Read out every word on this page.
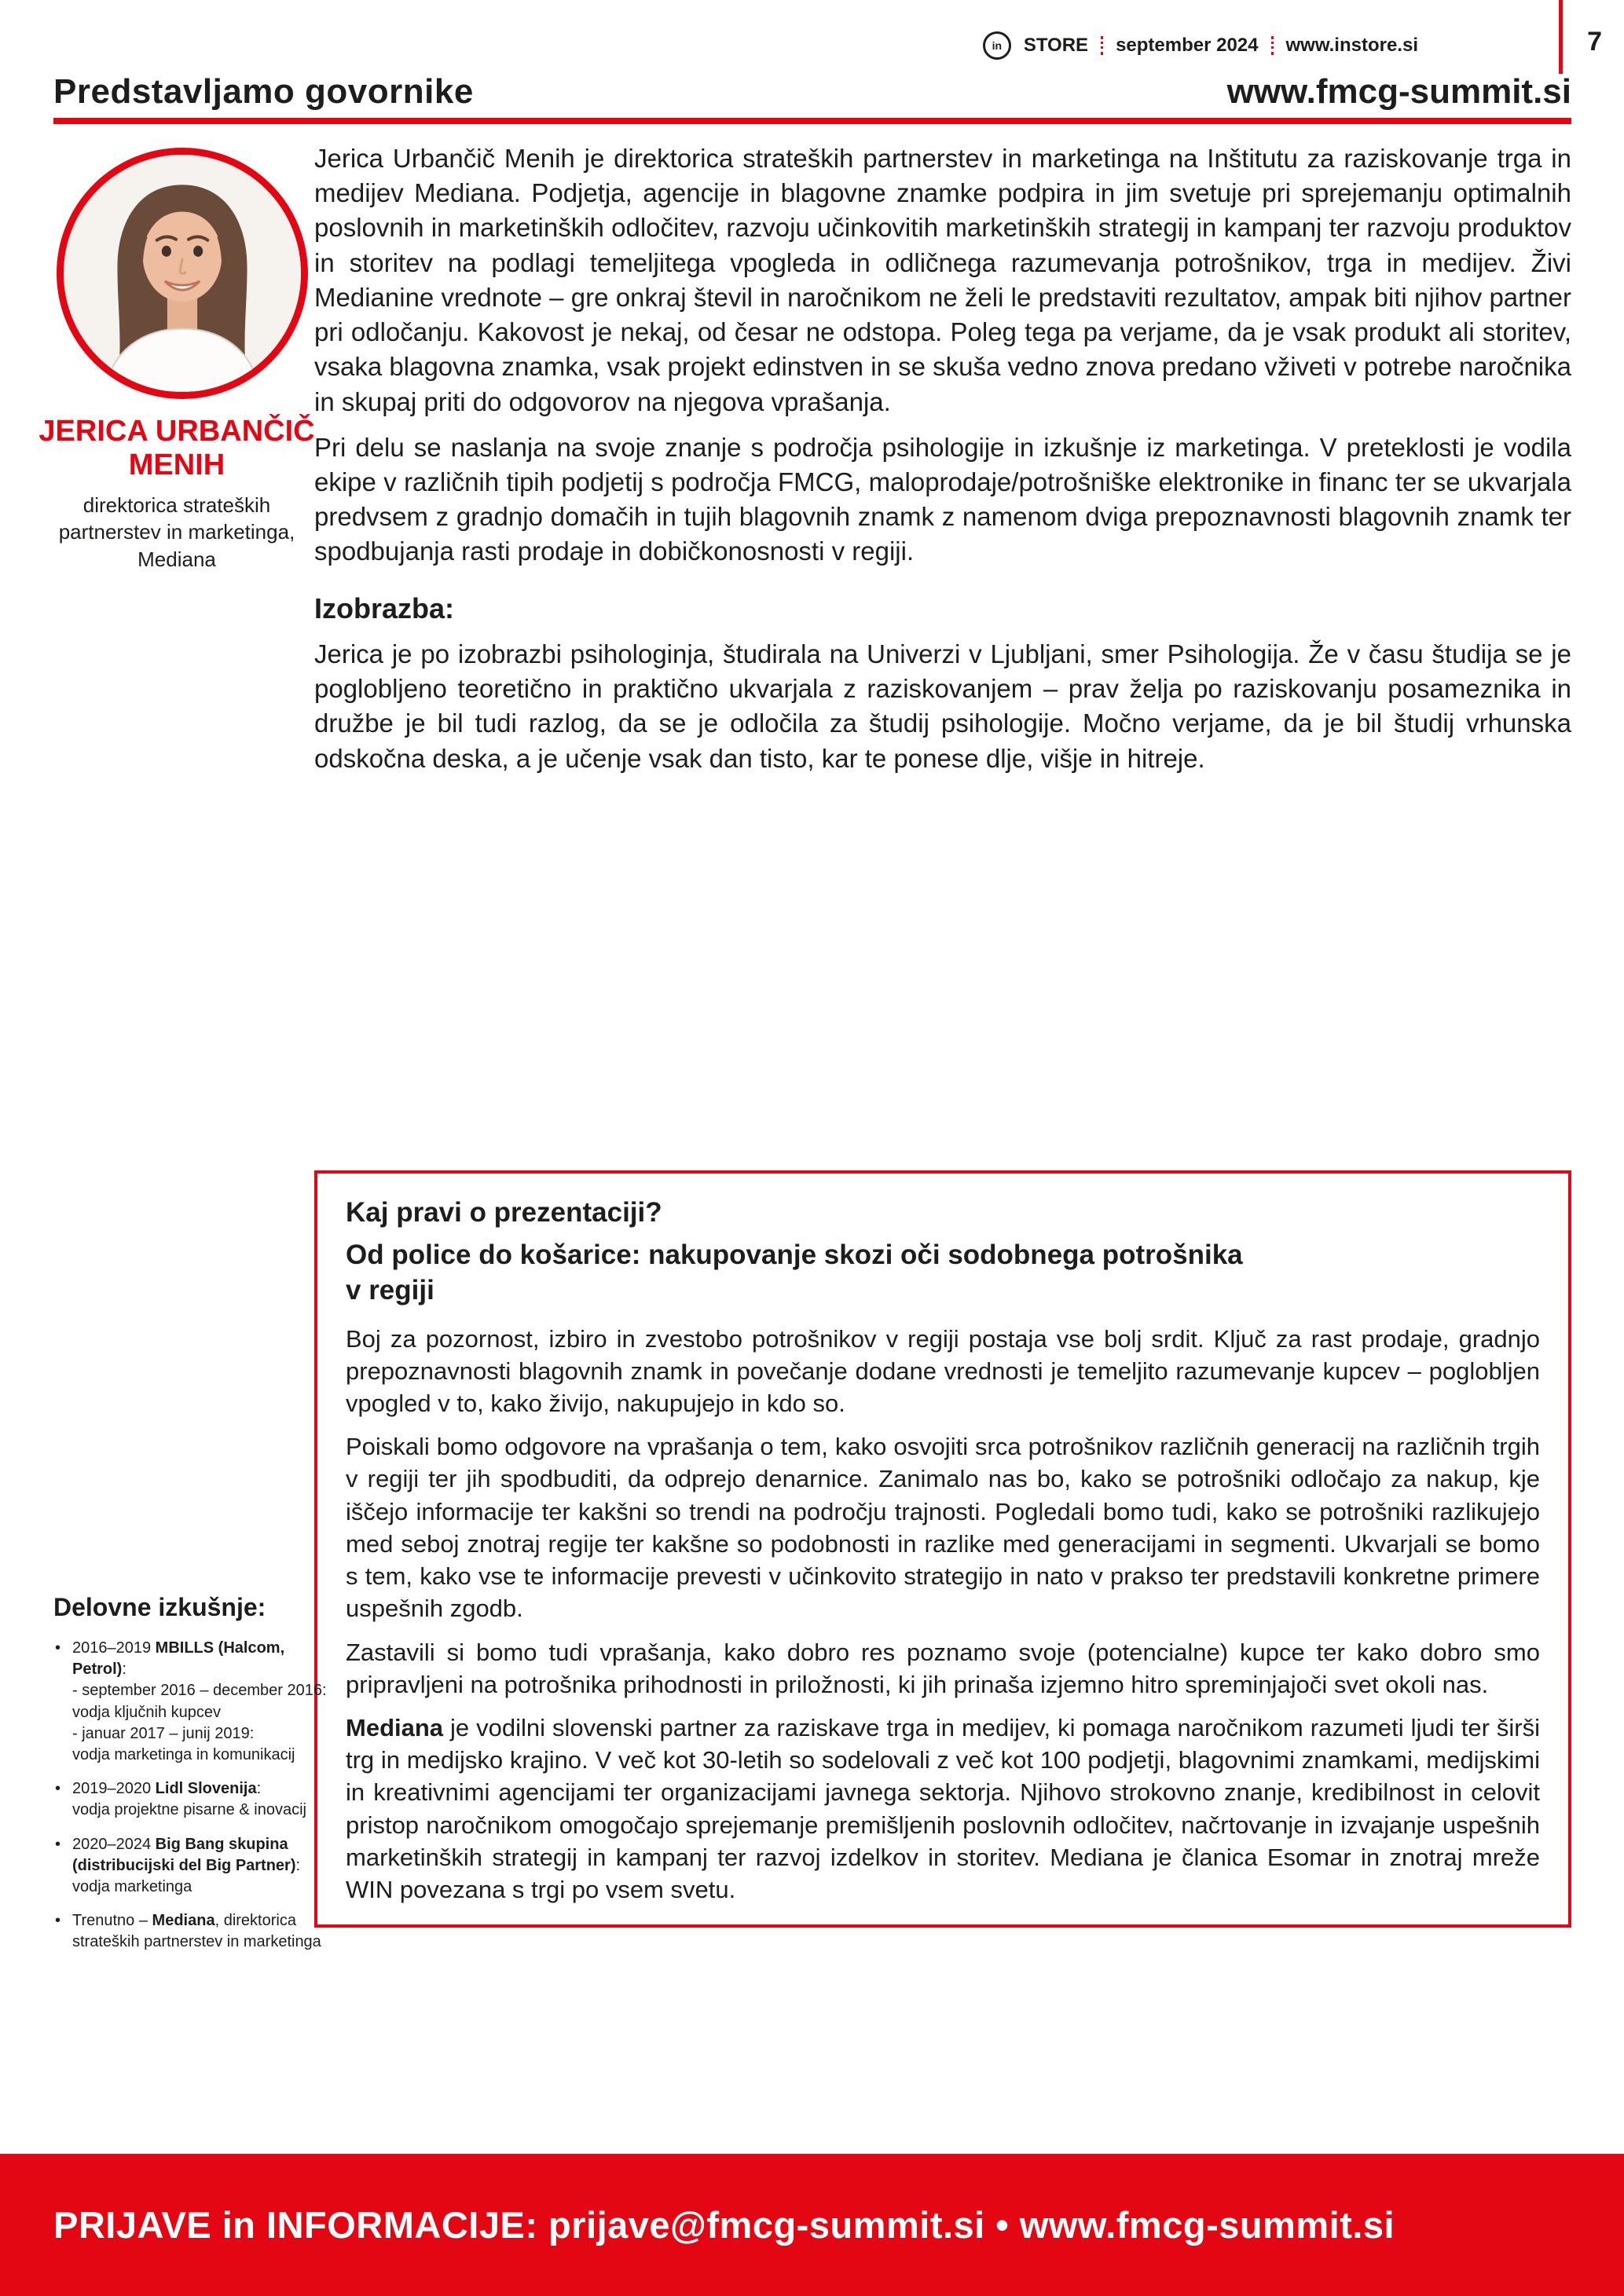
in STORE september 2024 www.instore.si	7
Predstavljamo govornike	www.fmcg-summit.si
JERICA URBANČIČ
MENIH
direktorica strateških
partnerstev in marketinga,
Mediana

Jerica Urbančič Menih je direktorica strateških partnerstev in marketinga na Inštitutu za raziskovanje trga in medijev Mediana. Podjetja, agencije in blagovne znamke podpira in jim svetuje pri sprejemanju optimalnih poslovnih in marketinških odločitev, razvoju učinkovitih marketinških strategij in kampanj ter razvoju produktov in storitev na podlagi temeljitega vpogleda in odličnega razumevanja potrošnikov, trga in medijev. Živi Medianine vrednote – gre onkraj števil in naročnikom ne želi le predstaviti rezultatov, ampak biti njihov partner pri odločanju. Kakovost je nekaj, od česar ne odstopa. Poleg tega pa verjame, da je vsak produkt ali storitev, vsaka blagovna znamka, vsak projekt edinstven in se skuša vedno znova predano vživeti v potrebe naročnika in skupaj priti do odgovorov na njegova vprašanja.

Pri delu se naslanja na svoje znanje s področja psihologije in izkušnje iz marketinga. V preteklosti je vodila ekipe v različnih tipih podjetij s področja FMCG, maloprodaje/potrošniške elektronike in financ ter se ukvarjala predvsem z gradnjo domačih in tujih blagovnih znamk z namenom dviga prepoznavnosti blagovnih znamk ter spodbujanja rasti prodaje in dobičkonosnosti v regiji.

Izobrazba:

Jerica je po izobrazbi psihologinja, študirala na Univerzi v Ljubljani, smer Psihologija. Že v času študija se je poglobljeno teoretično in praktično ukvarjala z raziskovanjem – prav želja po raziskovanju posameznika in družbe je bil tudi razlog, da se je odločila za študij psihologije. Močno verjame, da je bil študij vrhunska odskočna deska, a je učenje vsak dan tisto, kar te ponese dlje, višje in hitreje.

Kaj pravi o prezentaciji?
Od police do košarice: nakupovanje skozi oči sodobnega potrošnika
v regiji

Boj za pozornost, izbiro in zvestobo potrošnikov v regiji postaja vse bolj srdit. Ključ za rast prodaje, gradnjo prepoznavnosti blagovnih znamk in povečanje dodane vrednosti je temeljito razumevanje kupcev – poglobljen vpogled v to, kako živijo, nakupujejo in kdo so.

Poiskali bomo odgovore na vprašanja o tem, kako osvojiti srca potrošnikov različnih generacij na različnih trgih v regiji ter jih spodbuditi, da odprejo denarnice. Zanimalo nas bo, kako se potrošniki odločajo za nakup, kje iščejo informacije ter kakšni so trendi na področju trajnosti. Pogledali bomo tudi, kako se potrošniki razlikujejo med seboj znotraj regije ter kakšne so podobnosti in razlike med generacijami in segmenti. Ukvarjali se bomo s tem, kako vse te informacije prevesti v učinkovito strategijo in nato v prakso ter predstavili konkretne primere uspešnih zgodb.

Zastavili si bomo tudi vprašanja, kako dobro res poznamo svoje (potencialne) kupce ter kako dobro smo pripravljeni na potrošnika prihodnosti in priložnosti, ki jih prinaša izjemno hitro spreminjajoči svet okoli nas.

Mediana je vodilni slovenski partner za raziskave trga in medijev, ki pomaga naročnikom razumeti ljudi ter širši trg in medijsko krajino. V več kot 30-letih so sodelovali z več kot 100 podjetji, blagovnimi znamkami, medijskimi in kreativnimi agencijami ter organizacijami javnega sektorja. Njihovo strokovno znanje, kredibilnost in celovit pristop naročnikom omogočajo sprejemanje premišljenih poslovnih odločitev, načrtovanje in izvajanje uspešnih marketinških strategij in kampanj ter razvoj izdelkov in storitev. Mediana je članica Esomar in znotraj mreže WIN povezana s trgi po vsem svetu.

Delovne izkušnje:
• 2016–2019 MBILLS (Halcom, Petrol):
- september 2016 – december 2016:
vodja ključnih kupcev
- januar 2017 – junij 2019:
vodja marketinga in komunikacij
• 2019–2020 Lidl Slovenija:
vodja projektne pisarne & inovacij
• 2020–2024 Big Bang skupina (distribucijski del Big Partner):
vodja marketinga
• Trenutno – Mediana, direktorica strateških partnerstev in marketinga
PRIJAVE in INFORMACIJE: prijave@fmcg-summit.si • www.fmcg-summit.si
